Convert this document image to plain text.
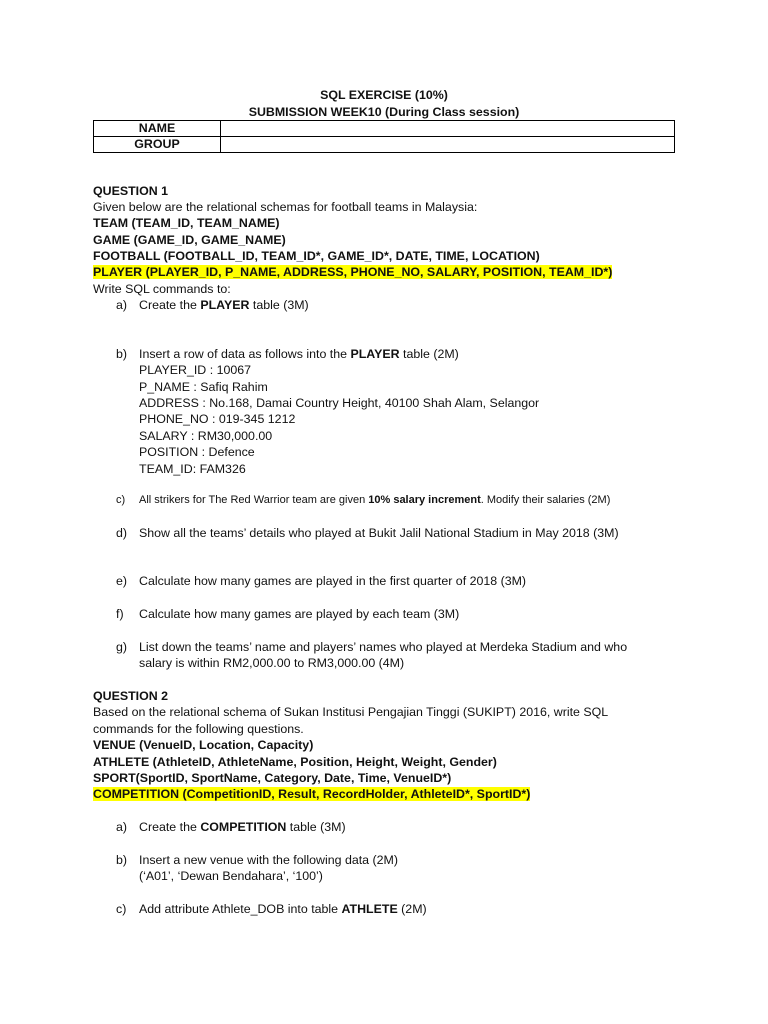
SQL EXERCISE (10%)
SUBMISSION WEEK10 (During Class session)
NAME	
GROUP	
QUESTION 1
Given below are the relational schemas for football teams in Malaysia:
TEAM (TEAM_ID, TEAM_NAME)
GAME (GAME_ID, GAME_NAME)
FOOTBALL (FOOTBALL_ID, TEAM_ID*, GAME_ID*, DATE, TIME, LOCATION)
PLAYER (PLAYER_ID, P_NAME, ADDRESS, PHONE_NO, SALARY, POSITION, TEAM_ID*)
Write SQL commands to:
a) Create the PLAYER table (3M)
b) Insert a row of data as follows into the PLAYER table (2M)
PLAYER_ID : 10067
P_NAME : Safiq Rahim
ADDRESS : No.168, Damai Country Height, 40100 Shah Alam, Selangor
PHONE_NO : 019-345 1212
SALARY : RM30,000.00
POSITION : Defence
TEAM_ID: FAM326
c) All strikers for The Red Warrior team are given 10% salary increment. Modify their salaries (2M)
d) Show all the teams’ details who played at Bukit Jalil National Stadium in May 2018 (3M)
e) Calculate how many games are played in the first quarter of 2018 (3M)
f) Calculate how many games are played by each team (3M)
g) List down the teams’ name and players’ names who played at Merdeka Stadium and who
salary is within RM2,000.00 to RM3,000.00 (4M)
QUESTION 2
Based on the relational schema of Sukan Institusi Pengajian Tinggi (SUKIPT) 2016, write SQL
commands for the following questions.
VENUE (VenueID, Location, Capacity)
ATHLETE (AthleteID, AthleteName, Position, Height, Weight, Gender)
SPORT(SportID, SportName, Category, Date, Time, VenueID*)
COMPETITION (CompetitionID, Result, RecordHolder, AthleteID*, SportID*)
a) Create the COMPETITION table (3M)
b) Insert a new venue with the following data (2M)
(‘A01’, ‘Dewan Bendahara’, ‘100’)
c) Add attribute Athlete_DOB into table ATHLETE (2M)
